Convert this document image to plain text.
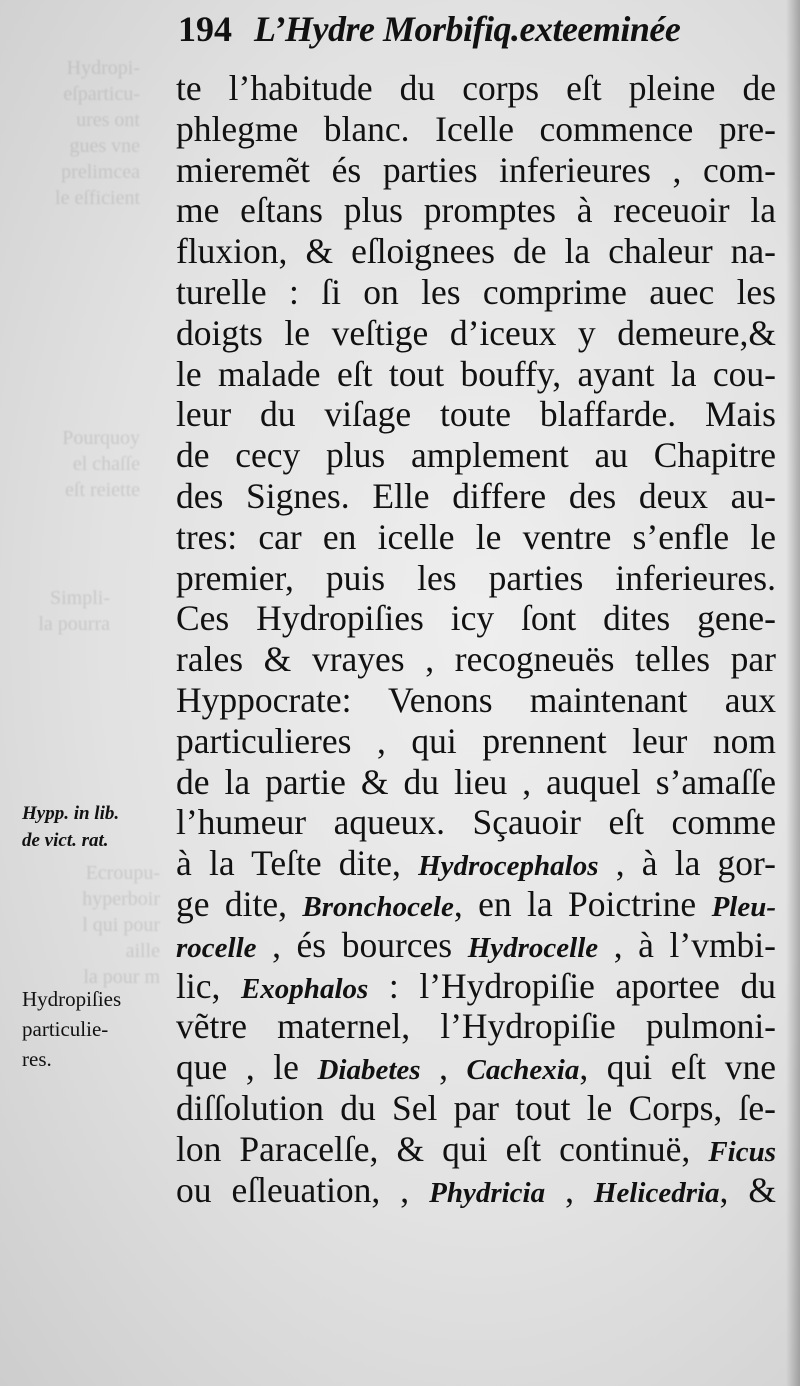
Hydropi-
eſparticu-
ures ont
gues vne
prelimcea
le eſficient
Pourquoy
el chaſſe
eſt reiette
Simpli-
la pourra
Ecroupu-
hyperboir
l qui pour
aille
la pour m
194 L’Hydre Morbifiq.exteeminée
te l’habitude du corps eſt pleine de
phlegme blanc. Icelle commence pre-
mieremẽt és parties inferieures , com-
me eſtans plus promptes à receuoir la
fluxion, & eſloignees de la chaleur na-
turelle : ſi on les comprime auec les
doigts le veſtige d’iceux y demeure,&
le malade eſt tout bouffy, ayant la cou-
leur du viſage toute blaffarde. Mais
de cecy plus amplement au Chapitre
des Signes. Elle differe des deux au-
tres: car en icelle le ventre s’enfle le
premier, puis les parties inferieures.
Ces Hydropiſies icy ſont dites gene-
rales & vrayes , recogneuës telles par
Hyppocrate: Venons maintenant aux
particulieres , qui prennent leur nom
de la partie & du lieu , auquel s’amaſſe
l’humeur aqueux. Sçauoir eſt comme
à la Teſte dite, Hydrocephalos , à la gor-
ge dite, Bronchocele, en la Poictrine Pleu-
rocelle , és bources Hydrocelle , à l’vmbi-
lic, Exophalos : l’Hydropiſie aportee du
vẽtre maternel, l’Hydropiſie pulmoni-
que , le Diabetes , Cachexia, qui eſt vne
diſſolution du Sel par tout le Corps, ſe-
lon Paracelſe, & qui eſt continuë, Ficus
ou eſleuation, , Phydricia , Helicedria, &
Hypp. in lib.
de vict. rat.
Hydropiſies
particulie-
res.
